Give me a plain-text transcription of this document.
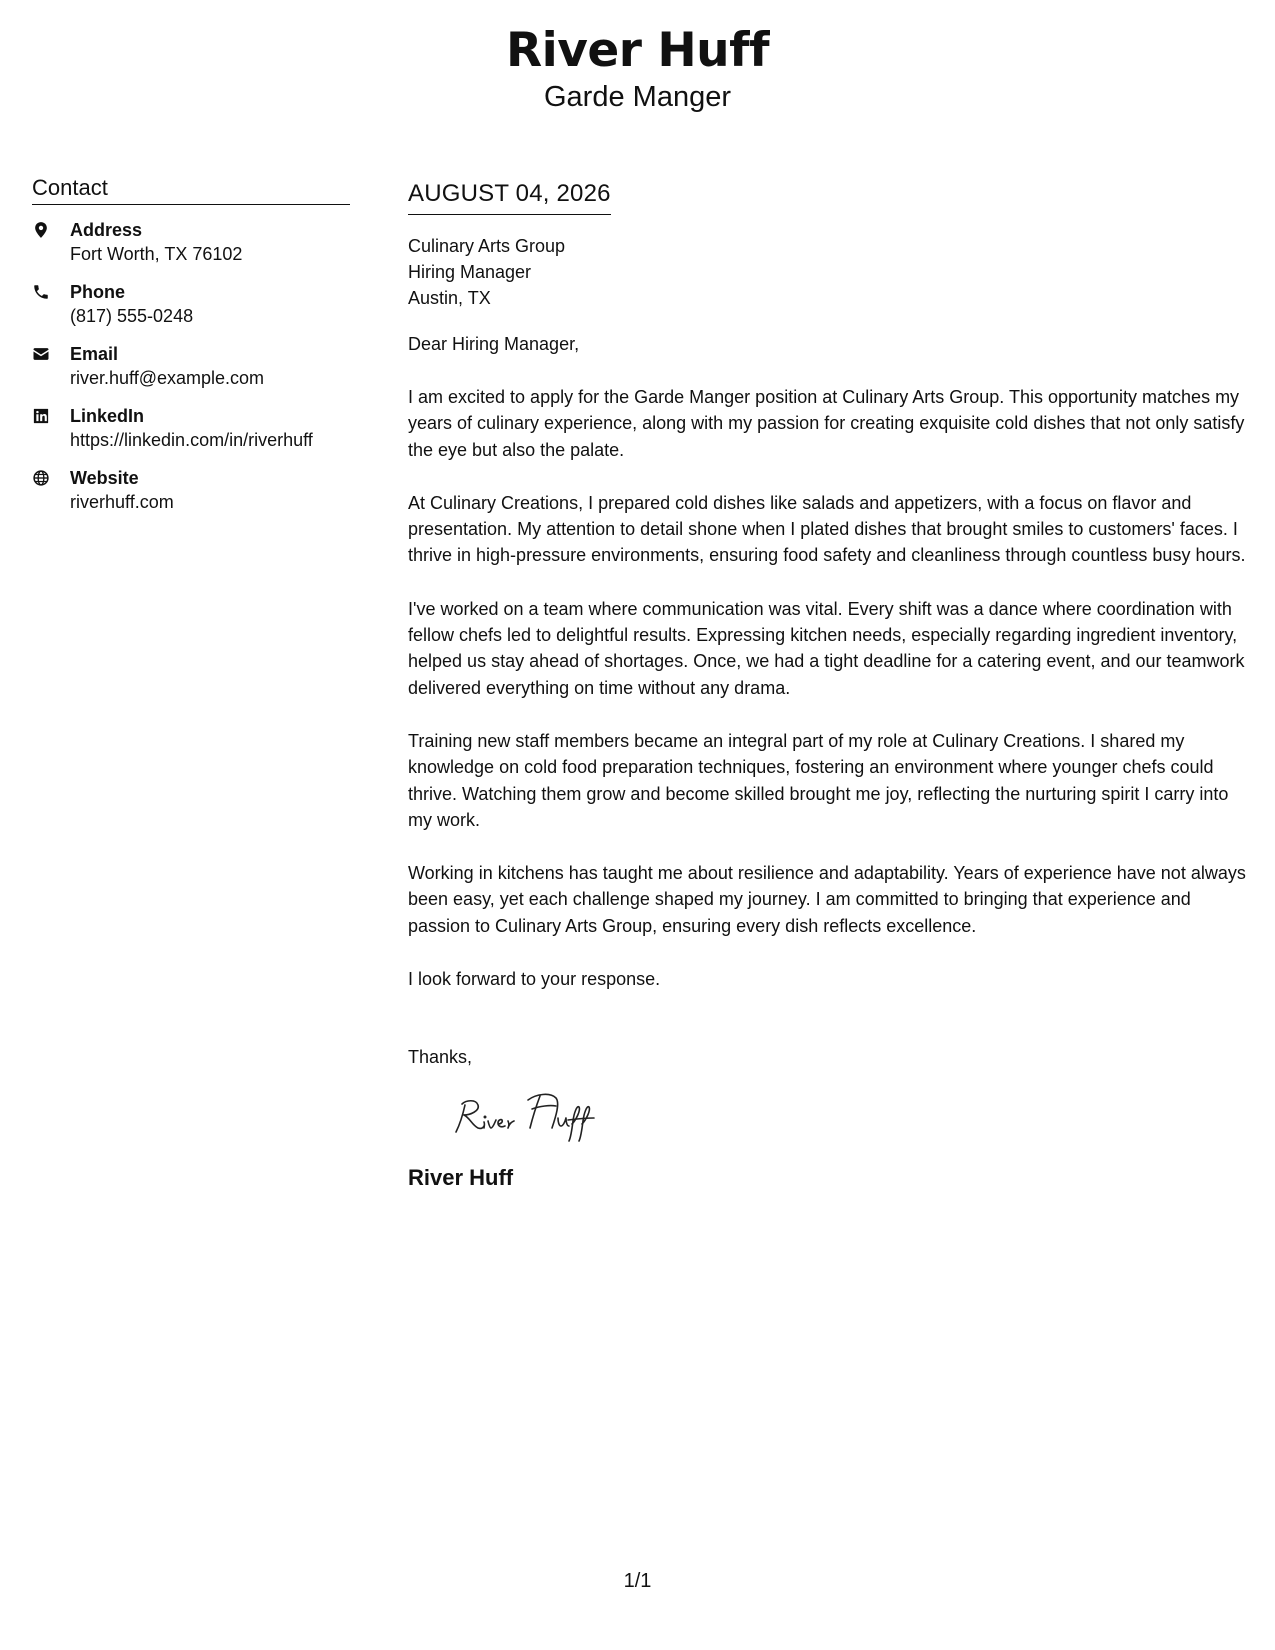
River Huff
Garde Manger
Contact
Address
Fort Worth, TX 76102
Phone
(817) 555-0248
Email
river.huff@example.com
LinkedIn
https://linkedin.com/in/riverhuff
Website
riverhuff.com
AUGUST 04, 2026
Culinary Arts Group
Hiring Manager
Austin, TX
Dear Hiring Manager,
I am excited to apply for the Garde Manger position at Culinary Arts Group. This opportunity matches my years of culinary experience, along with my passion for creating exquisite cold dishes that not only satisfy the eye but also the palate.
At Culinary Creations, I prepared cold dishes like salads and appetizers, with a focus on flavor and presentation. My attention to detail shone when I plated dishes that brought smiles to customers' faces. I thrive in high-pressure environments, ensuring food safety and cleanliness through countless busy hours.
I've worked on a team where communication was vital. Every shift was a dance where coordination with fellow chefs led to delightful results. Expressing kitchen needs, especially regarding ingredient inventory, helped us stay ahead of shortages. Once, we had a tight deadline for a catering event, and our teamwork delivered everything on time without any drama.
Training new staff members became an integral part of my role at Culinary Creations. I shared my knowledge on cold food preparation techniques, fostering an environment where younger chefs could thrive. Watching them grow and become skilled brought me joy, reflecting the nurturing spirit I carry into my work.
Working in kitchens has taught me about resilience and adaptability. Years of experience have not always been easy, yet each challenge shaped my journey. I am committed to bringing that experience and passion to Culinary Arts Group, ensuring every dish reflects excellence.
I look forward to your response.
Thanks,
River Huff
1/1
